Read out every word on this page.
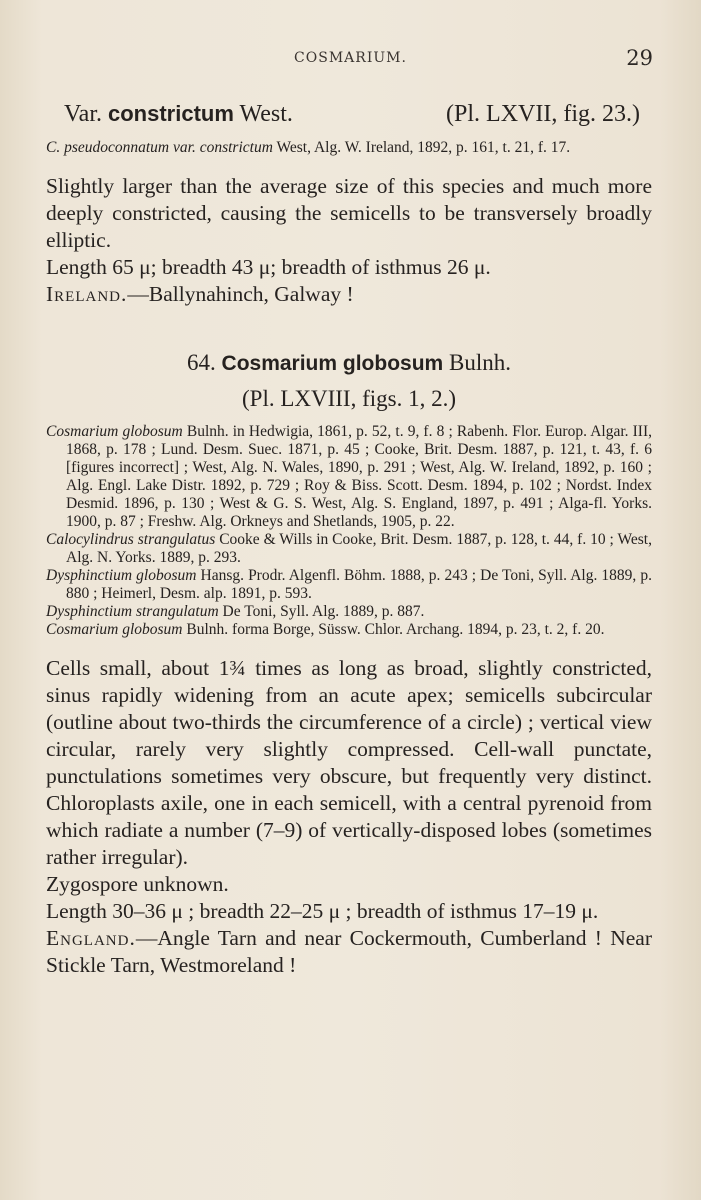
COSMARIUM.	29
Var. constrictum West.	(Pl. LXVII, fig. 23.)

C. pseudoconnatum var. constrictum West, Alg. W. Ireland, 1892, p. 161, t. 21, f. 17.

Slightly larger than the average size of this species and much more deeply constricted, causing the semicells to be transversely broadly elliptic.

Length 65 μ; breadth 43 μ; breadth of isthmus 26 μ.

Ireland.—Ballynahinch, Galway !

64. Cosmarium globosum Bulnh.
(Pl. LXVIII, figs. 1, 2.)

Cosmarium globosum Bulnh. in Hedwigia, 1861, p. 52, t. 9, f. 8 ; Rabenh. Flor. Europ. Algar. III, 1868, p. 178 ; Lund. Desm. Suec. 1871, p. 45 ; Cooke, Brit. Desm. 1887, p. 121, t. 43, f. 6 [figures incorrect] ; West, Alg. N. Wales, 1890, p. 291 ; West, Alg. W. Ireland, 1892, p. 160 ; Alg. Engl. Lake Distr. 1892, p. 729 ; Roy & Biss. Scott. Desm. 1894, p. 102 ; Nordst. Index Desmid. 1896, p. 130 ; West & G. S. West, Alg. S. England, 1897, p. 491 ; Alga-fl. Yorks. 1900, p. 87 ; Freshw. Alg. Orkneys and Shetlands, 1905, p. 22.

Calocylindrus strangulatus Cooke & Wills in Cooke, Brit. Desm. 1887, p. 128, t. 44, f. 10 ; West, Alg. N. Yorks. 1889, p. 293.

Dysphinctium globosum Hansg. Prodr. Algenfl. Böhm. 1888, p. 243 ; De Toni, Syll. Alg. 1889, p. 880 ; Heimerl, Desm. alp. 1891, p. 593.

Dysphinctium strangulatum De Toni, Syll. Alg. 1889, p. 887.

Cosmarium globosum Bulnh. forma Borge, Süssw. Chlor. Archang. 1894, p. 23, t. 2, f. 20.

Cells small, about 1¾ times as long as broad, slightly constricted, sinus rapidly widening from an acute apex; semicells subcircular (outline about two-thirds the circumference of a circle) ; vertical view circular, rarely very slightly compressed. Cell-wall punctate, punctulations sometimes very obscure, but frequently very distinct. Chloroplasts axile, one in each semicell, with a central pyrenoid from which radiate a number (7–9) of vertically-disposed lobes (sometimes rather irregular).

Zygospore unknown.

Length 30–36 μ ; breadth 22–25 μ ; breadth of isthmus 17–19 μ.

England.—Angle Tarn and near Cockermouth, Cumberland ! Near Stickle Tarn, Westmoreland !
